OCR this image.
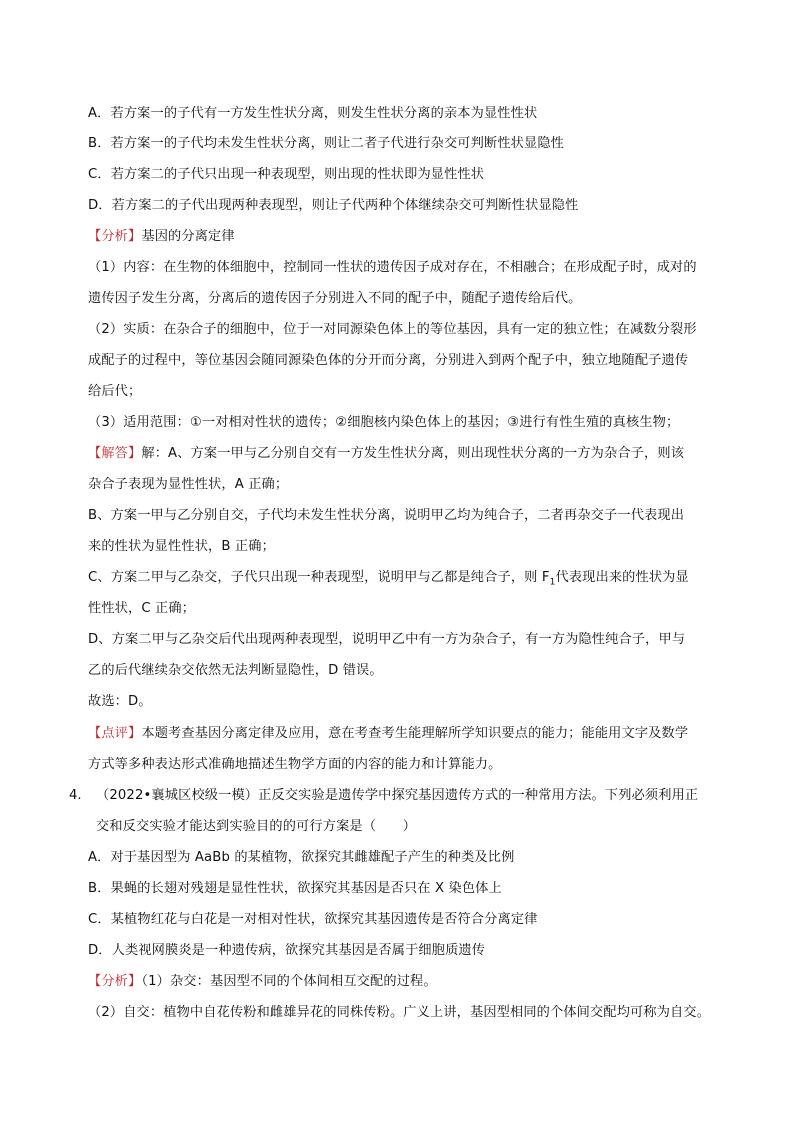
A．若方案一的子代有一方发生性状分离，则发生性状分离的亲本为显性性状
B．若方案一的子代均未发生性状分离，则让二者子代进行杂交可判断性状显隐性
C．若方案二的子代只出现一种表现型，则出现的性状即为显性性状
D．若方案二的子代出现两种表现型，则让子代两种个体继续杂交可判断性状显隐性
【分析】基因的分离定律
（1）内容：在生物的体细胞中，控制同一性状的遗传因子成对存在，不相融合；在形成配子时，成对的
遗传因子发生分离，分离后的遗传因子分别进入不同的配子中，随配子遗传给后代。
（2）实质：在杂合子的细胞中，位于一对同源染色体上的等位基因，具有一定的独立性；在减数分裂形
成配子的过程中，等位基因会随同源染色体的分开而分离，分别进入到两个配子中，独立地随配子遗传
给后代；
（3）适用范围：①一对相对性状的遗传；②细胞核内染色体上的基因；③进行有性生殖的真核生物；
【解答】解：A、方案一甲与乙分别自交有一方发生性状分离，则出现性状分离的一方为杂合子，则该
杂合子表现为显性性状，A 正确；
B、方案一甲与乙分别自交，子代均未发生性状分离，说明甲乙均为纯合子，二者再杂交子一代表现出
来的性状为显性性状，B 正确；
C、方案二甲与乙杂交，子代只出现一种表现型，说明甲与乙都是纯合子，则 $F_1$代表现出来的性状为显
性性状，C 正确；
D、方案二甲与乙杂交后代出现两种表现型，说明甲乙中有一方为杂合子，有一方为隐性纯合子，甲与
乙的后代继续杂交依然无法判断显隐性，D 错误。
故选：D。
【点评】本题考查基因分离定律及应用，意在考查考生能理解所学知识要点的能力；能能用文字及数学
方式等多种表达形式准确地描述生物学方面的内容的能力和计算能力。
4. （2022•襄城区校级一模）正反交实验是遗传学中探究基因遗传方式的一种常用方法。下列必须利用正
交和反交实验才能达到实验目的的可行方案是（　　）
A．对于基因型为 AaBb 的某植物，欲探究其雌雄配子产生的种类及比例
B．果蝇的长翅对残翅是显性性状，欲探究其基因是否只在 X 染色体上
C．某植物红花与白花是一对相对性状，欲探究其基因遗传是否符合分离定律
D．人类视网膜炎是一种遗传病，欲探究其基因是否属于细胞质遗传
【分析】（1）杂交：基因型不同的个体间相互交配的过程。
（2）自交：植物中自花传粉和雌雄异花的同株传粉。广义上讲，基因型相同的个体间交配均可称为自交。
